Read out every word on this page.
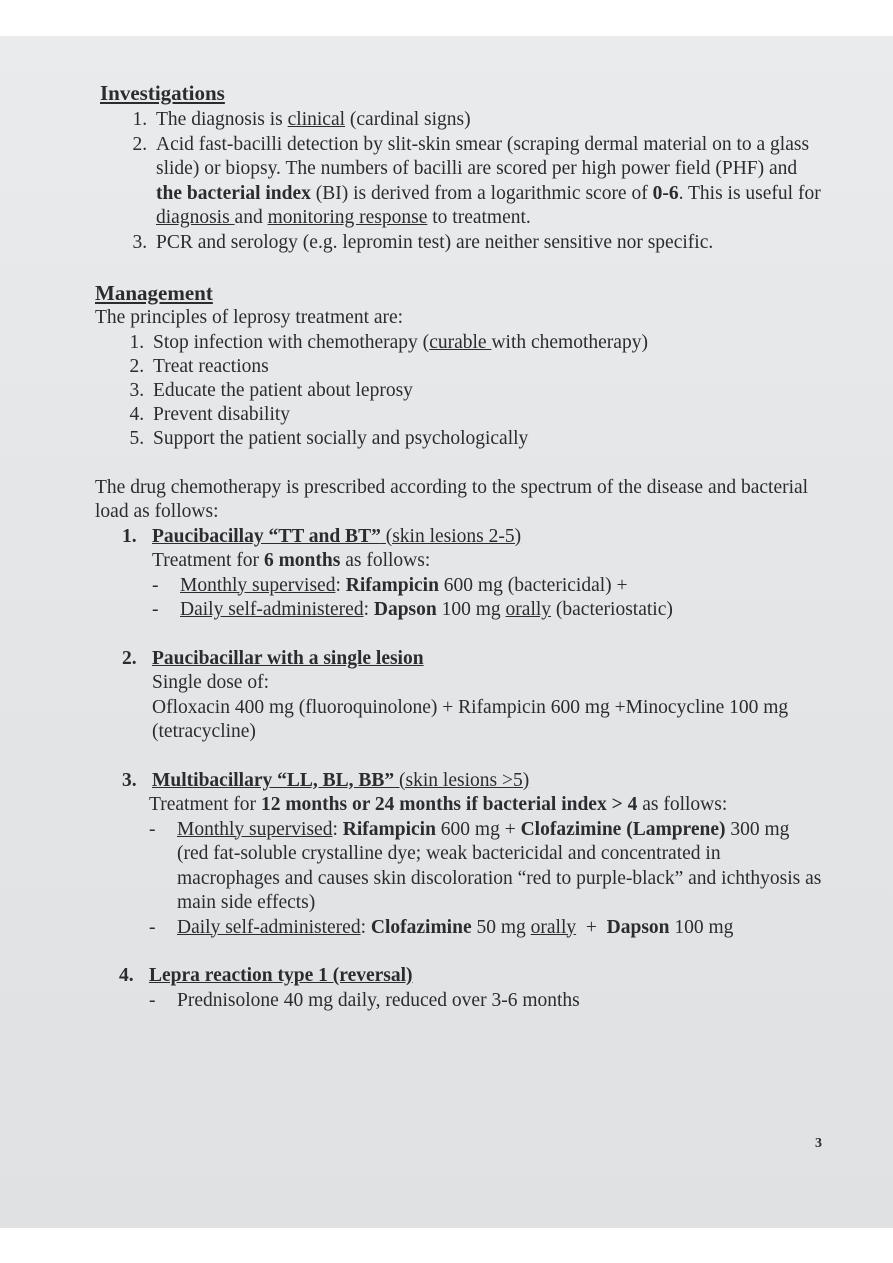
Investigations

1. The diagnosis is clinical (cardinal signs)
2. Acid fast-bacilli detection by slit-skin smear (scraping dermal material on to a glass slide) or biopsy. The numbers of bacilli are scored per high power field (PHF) and the bacterial index (BI) is derived from a logarithmic score of 0-6. This is useful for diagnosis and monitoring response to treatment.
3. PCR and serology (e.g. lepromin test) are neither sensitive nor specific.

Management

The principles of leprosy treatment are:
1. Stop infection with chemotherapy (curable with chemotherapy)
2. Treat reactions
3. Educate the patient about leprosy
4. Prevent disability
5. Support the patient socially and psychologically
The drug chemotherapy is prescribed according to the spectrum of the disease and bacterial load as follows:
1. Paucibacillay “TT and BT” (skin lesions 2-5)
Treatment for 6 months as follows:
- Monthly supervised: Rifampicin 600 mg (bactericidal) +
- Daily self-administered: Dapson 100 mg orally (bacteriostatic)
2. Paucibacillar with a single lesion
Single dose of:
Ofloxacin 400 mg (fluoroquinolone) + Rifampicin 600 mg +Minocycline 100 mg (tetracycline)
3. Multibacillary “LL, BL, BB” (skin lesions >5)
Treatment for 12 months or 24 months if bacterial index > 4 as follows:
- Monthly supervised: Rifampicin 600 mg + Clofazimine (Lamprene) 300 mg (red fat-soluble crystalline dye; weak bactericidal and concentrated in macrophages and causes skin discoloration “red to purple-black” and ichthyosis as main side effects)
- Daily self-administered: Clofazimine 50 mg orally  +  Dapson 100 mg
4. Lepra reaction type 1 (reversal)
- Prednisolone 40 mg daily, reduced over 3-6 months
3
